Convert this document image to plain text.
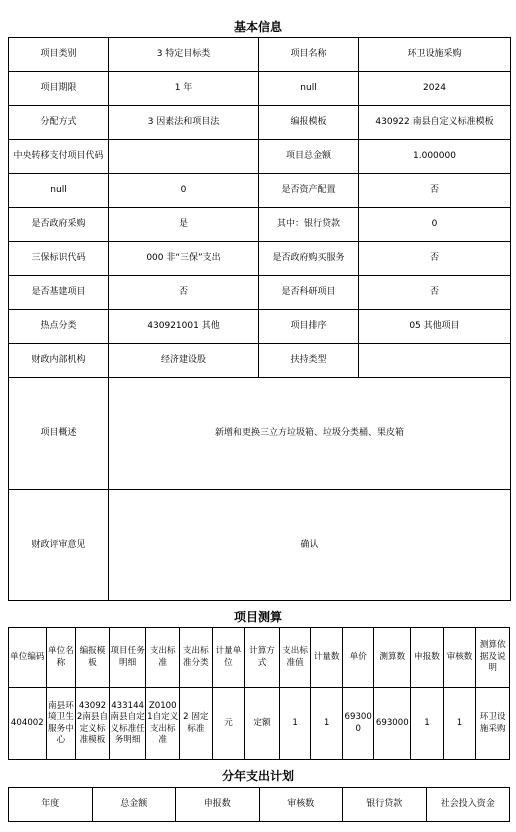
基本信息
项目类别	3 特定目标类	项目名称	环卫设施采购
项目期限	1 年	null	2024
分配方式	3 因素法和项目法	编报模板	430922 南县自定义标准模板
中央转移支付项目代码		项目总金额	1.000000
null	0	是否资产配置	否
是否政府采购	是	其中：银行贷款	0
三保标识代码	000 非“三保”支出	是否政府购买服务	否
是否基建项目	否	是否科研项目	否
热点分类	430921001 其他	项目排序	05 其他项目
财政内部机构	经济建设股	扶持类型	
项目概述	新增和更换三立方垃圾箱、垃圾分类桶、果皮箱		
财政评审意见	确认		
项目测算
单位编码	单位名称	编报模板	项目任务明细	支出标准	支出标准分类	计量单位	计算方式	支出标准值	计量数	单价	测算数	申报数	审核数	测算依据及说明
404002	南县环境卫生服务中心	430922南县自定义标准模板	433144南县自定义标准任务明细	Z01001自定义支出标准	2 固定标准	元	定额	1	1	693000	693000	1	1	环卫设施采购
分年支出计划
年度	总金额	申报数	审核数	银行贷款	社会投入资金
